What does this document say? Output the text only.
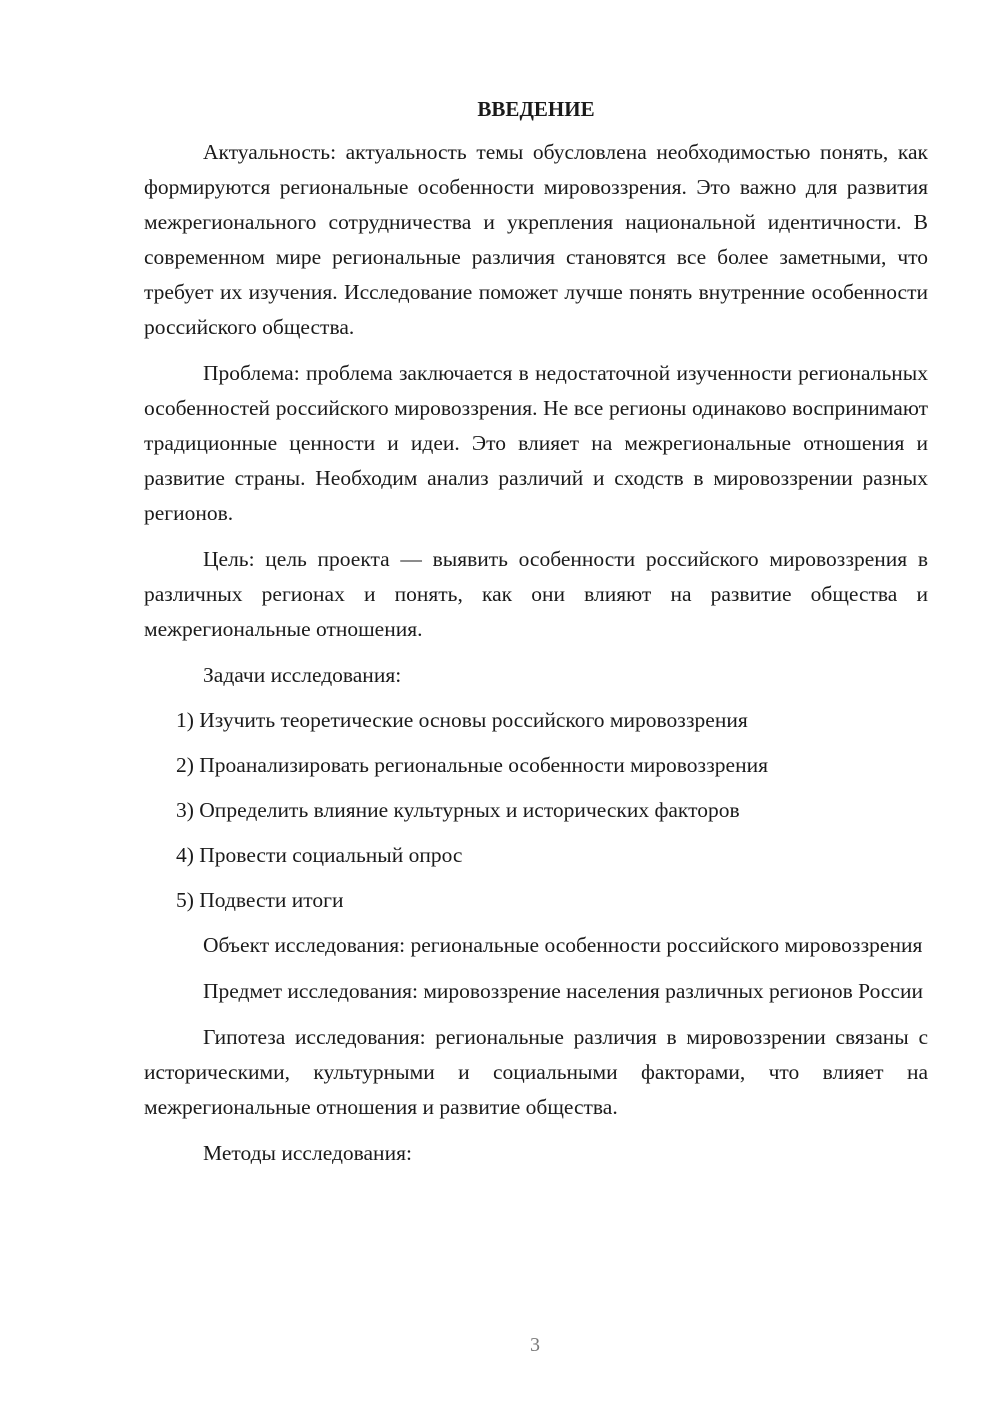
ВВЕДЕНИЕ

Актуальность: актуальность темы обусловлена необходимостью понять, как формируются региональные особенности мировоззрения. Это важно для развития межрегионального сотрудничества и укрепления национальной идентичности. В современном мире региональные различия становятся все более заметными, что требует их изучения. Исследование поможет лучше понять внутренние особенности российского общества.

Проблема: проблема заключается в недостаточной изученности региональных особенностей российского мировоззрения. Не все регионы одинаково воспринимают традиционные ценности и идеи. Это влияет на межрегиональные отношения и развитие страны. Необходим анализ различий и сходств в мировоззрении разных регионов.

Цель: цель проекта — выявить особенности российского мировоззрения в различных регионах и понять, как они влияют на развитие общества и межрегиональные отношения.

Задачи исследования:

1) Изучить теоретические основы российского мировоззрения
2) Проанализировать региональные особенности мировоззрения
3) Определить влияние культурных и исторических факторов
4) Провести социальный опрос
5) Подвести итоги

Объект исследования: региональные особенности российского мировоззрения

Предмет исследования: мировоззрение населения различных регионов России

Гипотеза исследования: региональные различия в мировоззрении связаны с историческими, культурными и социальными факторами, что влияет на межрегиональные отношения и развитие общества.

Методы исследования:

3
